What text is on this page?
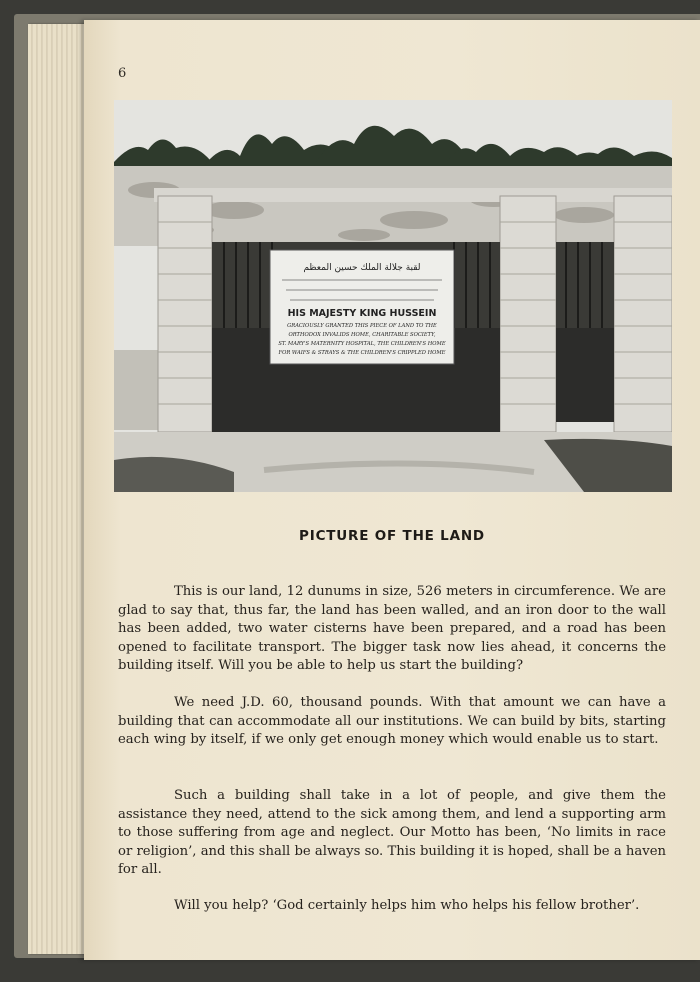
6
لقبة جلالة الملك حسين المعظم
HIS MAJESTY KING HUSSEIN
GRACIOUSLY GRANTED THIS PIECE OF LAND TO THE
ORTHODOX INVALIDS HOME, CHARITABLE SOCIETY,
ST. MARY'S MATERNITY HOSPITAL, THE CHILDREN'S HOME
FOR WAIFS & STRAYS & THE CHILDREN'S CRIPPLED HOME
PICTURE OF THE LAND

This is our land, 12 dunums in size, 526 meters in circumference. We are glad to say that, thus far, the land has been walled, and an iron door to the wall has been added, two water cisterns have been prepared, and a road has been opened to facilitate transport. The bigger task now lies ahead, it concerns the building itself. Will you be able to help us start the building?

We need J.D. 60, thousand pounds. With that amount we can have a building that can accommodate all our institutions. We can build by bits, starting each wing by itself, if we only get enough money which would enable us to start.

Such a building shall take in a lot of people, and give them the assistance they need, attend to the sick among them, and lend a supporting arm to those suffering from age and neglect. Our Motto has been, ‘No limits in race or religion’, and this shall be always so. This building it is hoped, shall be a haven for all.

Will you help? ‘God certainly helps him who helps his fellow brother’.
